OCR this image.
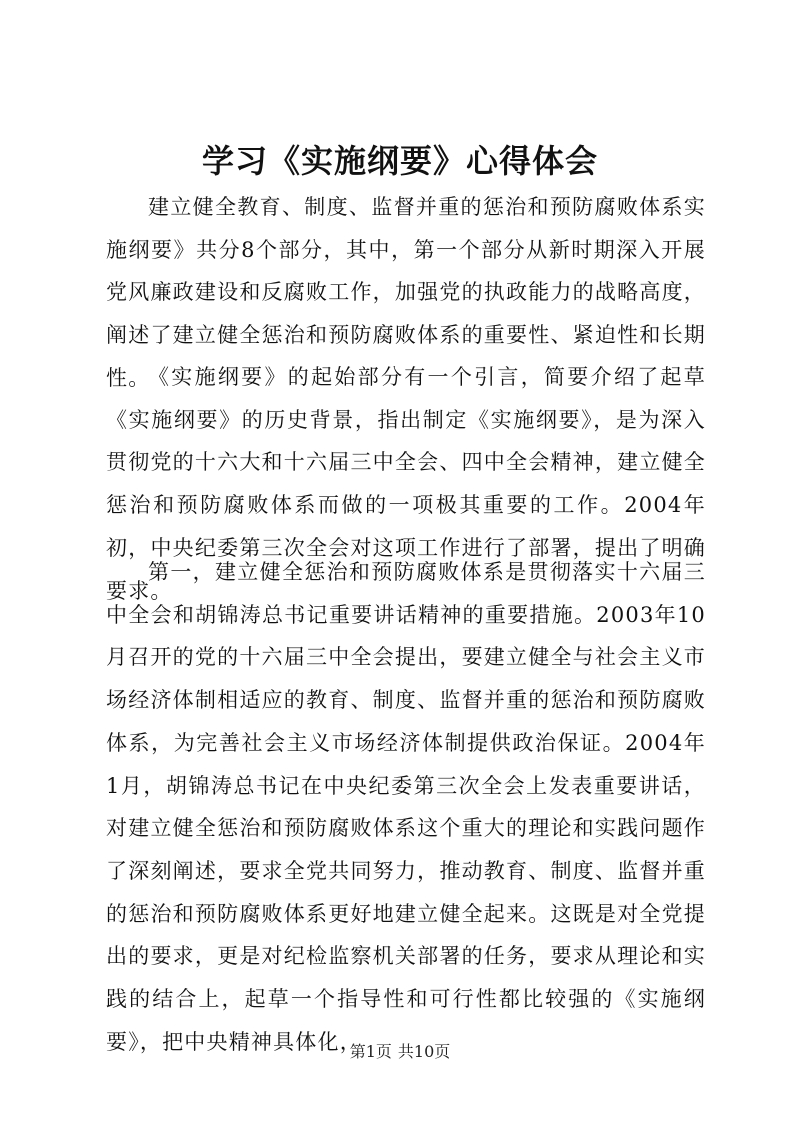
学习《实施纲要》心得体会

建立健全教育、制度、监督并重的惩治和预防腐败体系实施纲要》共分8个部分，其中，第一个部分从新时期深入开展党风廉政建设和反腐败工作，加强党的执政能力的战略高度，阐述了建立健全惩治和预防腐败体系的重要性、紧迫性和长期性。

《实施纲要》的起始部分有一个引言，简要介绍了起草《实施纲要》的历史背景，指出制定《实施纲要》，是为深入贯彻党的十六大和十六届三中全会、四中全会精神，建立健全惩治和预防腐败体系而做的一项极其重要的工作。2004年初，中央纪委第三次全会对这项工作进行了部署，提出了明确要求。

第一，建立健全惩治和预防腐败体系是贯彻落实十六届三中全会和胡锦涛总书记重要讲话精神的重要措施。2003年10月召开的党的十六届三中全会提出，要建立健全与社会主义市场经济体制相适应的教育、制度、监督并重的惩治和预防腐败体系，为完善社会主义市场经济体制提供政治保证。2004年1月，胡锦涛总书记在中央纪委第三次全会上发表重要讲话，对建立健全惩治和预防腐败体系这个重大的理论和实践问题作了深刻阐述，要求全党共同努力，推动教育、制度、监督并重的惩治和预防腐败体系更好地建立健全起来。这既是对全党提出的要求，更是对纪检监察机关部署的任务，要求从理论和实践的结合上，起草一个指导性和可行性都比较强的《实施纲要》，把中央精神具体化，

第1页 共10页
